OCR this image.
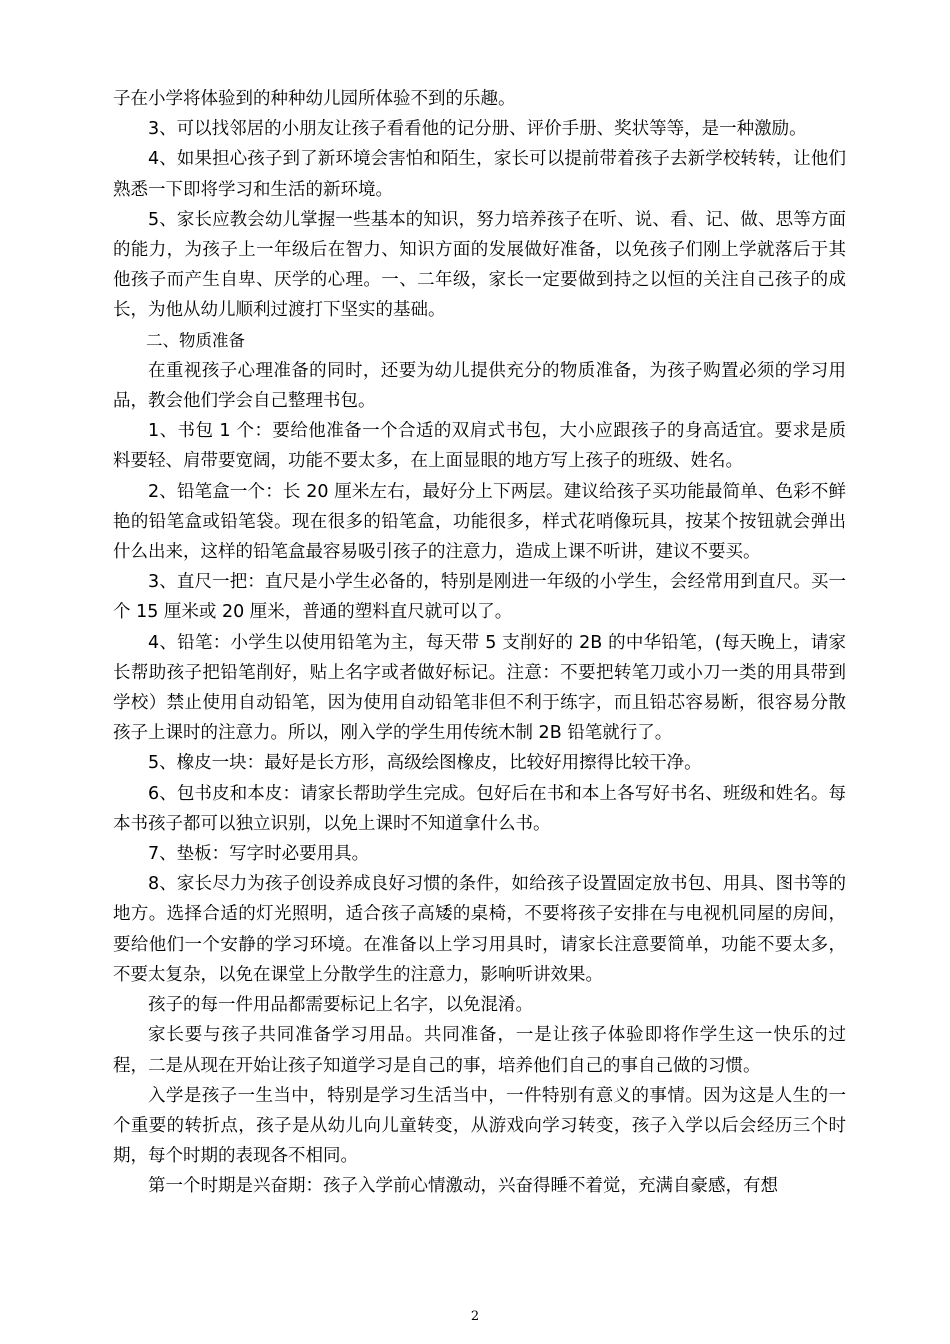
子在小学将体验到的种种幼儿园所体验不到的乐趣。

3、可以找邻居的小朋友让孩子看看他的记分册、评价手册、奖状等等，是一种激励。

4、如果担心孩子到了新环境会害怕和陌生，家长可以提前带着孩子去新学校转转，让他们熟悉一下即将学习和生活的新环境。

5、家长应教会幼儿掌握一些基本的知识，努力培养孩子在听、说、看、记、做、思等方面的能力，为孩子上一年级后在智力、知识方面的发展做好准备，以免孩子们刚上学就落后于其他孩子而产生自卑、厌学的心理。一、二年级，家长一定要做到持之以恒的关注自己孩子的成长，为他从幼儿顺利过渡打下坚实的基础。

二、物质准备

在重视孩子心理准备的同时，还要为幼儿提供充分的物质准备，为孩子购置必须的学习用品，教会他们学会自己整理书包。

1、书包 1 个：要给他准备一个合适的双肩式书包，大小应跟孩子的身高适宜。要求是质料要轻、肩带要宽阔，功能不要太多，在上面显眼的地方写上孩子的班级、姓名。

2、铅笔盒一个：长 20 厘米左右，最好分上下两层。建议给孩子买功能最简单、色彩不鲜艳的铅笔盒或铅笔袋。现在很多的铅笔盒，功能很多，样式花哨像玩具，按某个按钮就会弹出什么出来，这样的铅笔盒最容易吸引孩子的注意力，造成上课不听讲，建议不要买。

3、直尺一把：直尺是小学生必备的，特别是刚进一年级的小学生，会经常用到直尺。买一个 15 厘米或 20 厘米，普通的塑料直尺就可以了。

4、铅笔：小学生以使用铅笔为主，每天带 5 支削好的 2B 的中华铅笔，(每天晚上，请家长帮助孩子把铅笔削好，贴上名字或者做好标记。注意：不要把转笔刀或小刀一类的用具带到学校）禁止使用自动铅笔，因为使用自动铅笔非但不利于练字，而且铅芯容易断，很容易分散孩子上课时的注意力。所以，刚入学的学生用传统木制 2B 铅笔就行了。

5、橡皮一块：最好是长方形，高级绘图橡皮，比较好用擦得比较干净。

6、包书皮和本皮：请家长帮助学生完成。包好后在书和本上各写好书名、班级和姓名。每本书孩子都可以独立识别，以免上课时不知道拿什么书。

7、垫板：写字时必要用具。

8、家长尽力为孩子创设养成良好习惯的条件，如给孩子设置固定放书包、用具、图书等的地方。选择合适的灯光照明，适合孩子高矮的桌椅，不要将孩子安排在与电视机同屋的房间，要给他们一个安静的学习环境。在准备以上学习用具时，请家长注意要简单，功能不要太多，不要太复杂，以免在课堂上分散学生的注意力，影响听讲效果。

孩子的每一件用品都需要标记上名字，以免混淆。

家长要与孩子共同准备学习用品。共同准备，一是让孩子体验即将作学生这一快乐的过程，二是从现在开始让孩子知道学习是自己的事，培养他们自己的事自己做的习惯。

入学是孩子一生当中，特别是学习生活当中，一件特别有意义的事情。因为这是人生的一个重要的转折点，孩子是从幼儿向儿童转变，从游戏向学习转变，孩子入学以后会经历三个时期，每个时期的表现各不相同。

第一个时期是兴奋期：孩子入学前心情激动，兴奋得睡不着觉，充满自豪感，有想

2
